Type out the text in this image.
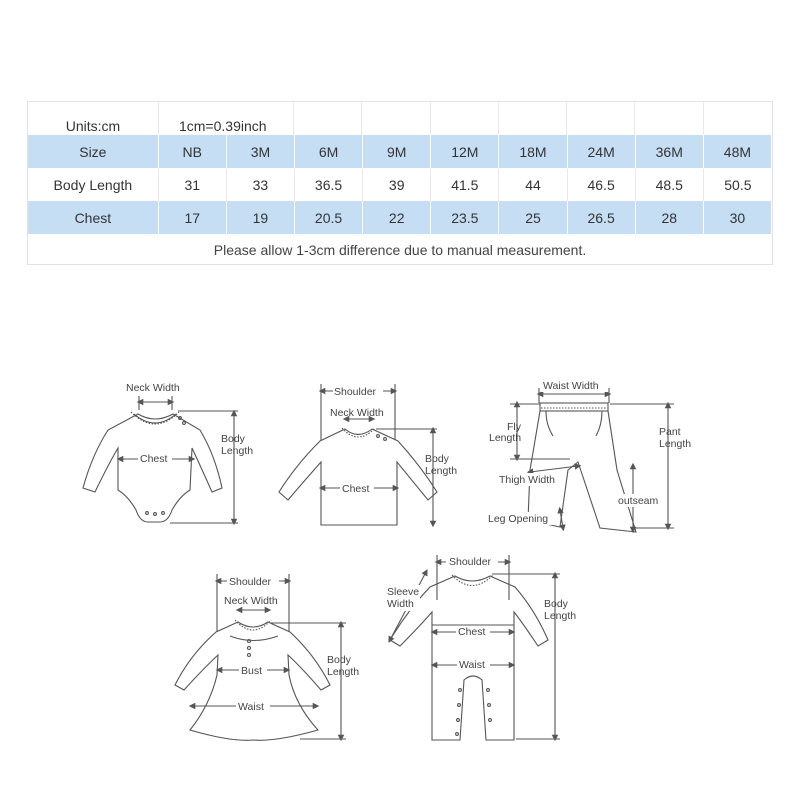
Units:cm	1cm=0.39inch
Size	NB	3M	6M	9M	12M	18M	24M	36M	48M
Body Length	31	33	36.5	39	41.5	44	46.5	48.5	50.5
Chest	17	19	20.5	22	23.5	25	26.5	28	30
Please allow 1-3cm difference due to manual measurement.
Neck Width
Chest
Body
Length
Shoulder
Neck Width
Chest
Body
Length
Waist Width
Fly
Length	Pant
Length
Thigh Width
outseam
Leg Opening
Shoulder
Neck Width
Bust
Waist
Body
Length
Shoulder
Sleeve
Width
Chest
Waist
Body
Length
